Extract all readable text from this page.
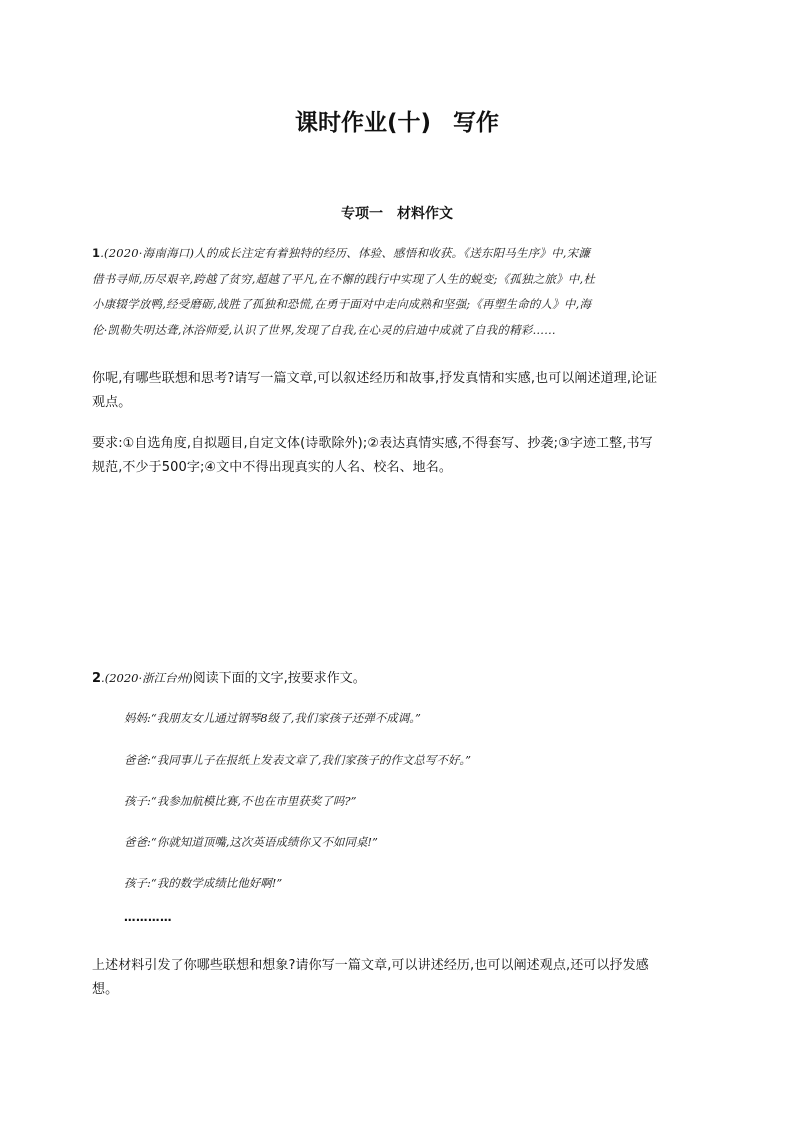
课时作业(十) 写作
专项一 材料作文
1.(2020·海南海口)人的成长注定有着独特的经历、体验、感悟和收获。《送东阳马生序》中,宋濂
借书寻师,历尽艰辛,跨越了贫穷,超越了平凡,在不懈的践行中实现了人生的蜕变;《孤独之旅》中,杜
小康辍学放鸭,经受磨砺,战胜了孤独和恐慌,在勇于面对中走向成熟和坚强;《再塑生命的人》中,海
伦·凯勒失明达聋,沐浴师爱,认识了世界,发现了自我,在心灵的启迪中成就了自我的精彩……
你呢,有哪些联想和思考?请写一篇文章,可以叙述经历和故事,抒发真情和实感,也可以阐述道理,论证
观点。
要求:①自选角度,自拟题目,自定文体(诗歌除外);②表达真情实感,不得套写、抄袭;③字迹工整,书写
规范,不少于500字;④文中不得出现真实的人名、校名、地名。
2.(2020·浙江台州)阅读下面的文字,按要求作文。
妈妈:“我朋友女儿通过钢琴8级了,我们家孩子还弹不成调。”
爸爸:“我同事儿子在报纸上发表文章了,我们家孩子的作文总写不好。”
孩子:“我参加航模比赛,不也在市里获奖了吗?”
爸爸:“你就知道顶嘴,这次英语成绩你又不如同桌!”
孩子:“我的数学成绩比他好啊!”
…………
上述材料引发了你哪些联想和想象?请你写一篇文章,可以讲述经历,也可以阐述观点,还可以抒发感
想。
